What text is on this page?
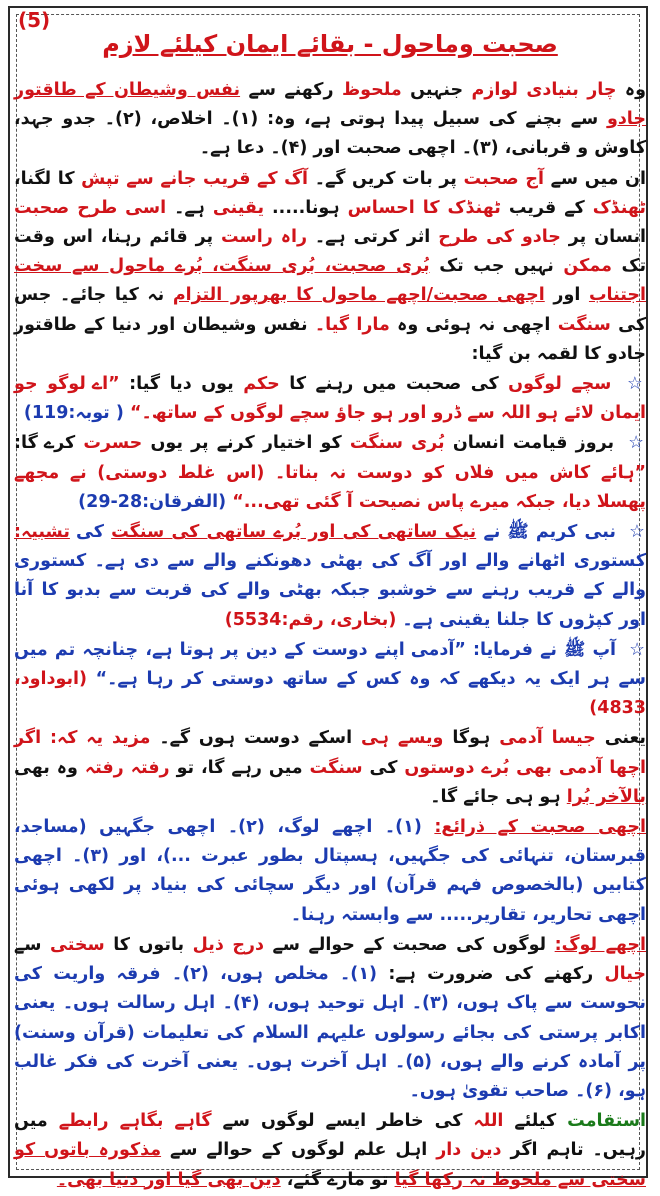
(5)
صحبت وماحول - بقائے ایمان کیلئے لازم

وہ چار بنیادی لوازم جنہیں ملحوظ رکھنے سے نفس وشیطان کے طاقتور جادو سے بچنے کی سبیل پیدا ہوتی ہے، وہ: (۱)۔ اخلاص، (۲)۔ جدو جہد، کاوش و قربانی، (۳)۔ اچھی صحبت اور (۴)۔ دعا ہے۔

ان میں سے آج صحبت پر بات کریں گے۔ آگ کے قریب جانے سے تپش کا لگنا، ٹھنڈک کے قریب ٹھنڈک کا احساس ہونا..... یقینی ہے۔ اسی طرح صحبت انسان پر جادو کی طرح اثر کرتی ہے۔ راہ راست پر قائم رہنا، اس وقت تک ممکن نہیں جب تک بُری صحبت، بُری سنگت، بُرے ماحول سے سخت اجتناب اور اچھی صحبت/اچھے ماحول کا بھرپور التزام نہ کیا جائے۔ جس کی سنگت اچھی نہ ہوئی وہ مارا گیا۔ نفس وشیطان اور دنیا کے طاقتور جادو کا لقمہ بن گیا:

☆ سچے لوگوں کی صحبت میں رہنے کا حکم یوں دیا گیا: ”اے لوگو جو ایمان لائے ہو اللہ سے ڈرو اور ہو جاؤ سچے لوگوں کے ساتھ۔“ ( توبہ:119)

☆ بروز قیامت انسان بُری سنگت کو اختیار کرنے پر یوں حسرت کرے گا: ”ہائے کاش میں فلاں کو دوست نہ بناتا۔ (اس غلط دوستی) نے مجھے پھسلا دیا، جبکہ میرے پاس نصیحت آ گئی تھی...“ (الفرقان:28-29)

☆ نبی کریم ﷺ نے نیک ساتھی کی اور بُرے ساتھی کی سنگت کی تشبیہ: کستوری اٹھانے والے اور آگ کی بھٹی دھونکنے والے سے دی ہے۔ کستوری والے کے قریب رہنے سے خوشبو جبکہ بھٹی والے کی قربت سے بدبو کا آنا اور کپڑوں کا جلنا یقینی ہے۔ (بخاری، رقم:5534)

☆ آپ ﷺ نے فرمایا: ”آدمی اپنے دوست کے دین پر ہوتا ہے، چنانچہ تم میں سے ہر ایک یہ دیکھے کہ وہ کس کے ساتھ دوستی کر رہا ہے۔“ (ابوداود، 4833)

یعنی جیسا آدمی ہوگا ویسے ہی اسکے دوست ہوں گے۔ مزید یہ کہ: اگر اچھا آدمی بھی بُرے دوستوں کی سنگت میں رہے گا، تو رفتہ رفتہ وہ بھی بالآخر بُرا ہو ہی جائے گا۔

اچھی صحبت کے ذرائع: (۱)۔ اچھے لوگ، (۲)۔ اچھی جگہیں (مساجد، قبرستان، تنہائی کی جگہیں، ہسپتال بطور عبرت ...)، اور (۳)۔ اچھی کتابیں (بالخصوص فہم قرآن) اور دیگر سچائی کی بنیاد پر لکھی ہوئی اچھی تحاریر، تقاریر..... سے وابستہ رہنا۔

اچھے لوگ: لوگوں کی صحبت کے حوالے سے درج ذیل باتوں کا سختی سے خیال رکھنے کی ضرورت ہے: (۱)۔ مخلص ہوں، (۲)۔ فرقہ واریت کی نحوست سے پاک ہوں، (۳)۔ اہل توحید ہوں، (۴)۔ اہل رسالت ہوں۔ یعنی اکابر پرستی کی بجائے رسولوں علیہم السلام کی تعلیمات (قرآن وسنت) پر آمادہ کرنے والے ہوں، (۵)۔ اہل آخرت ہوں۔ یعنی آخرت کی فکر غالب ہو، (۶)۔ صاحب تقویٰ ہوں۔

استقامت کیلئے اللہ کی خاطر ایسے لوگوں سے گاہے بگاہے رابطے میں رہیں۔ تاہم اگر دین دار اہل علم لوگوں کے حوالے سے مذکورہ باتوں کو سختی سے ملحوظ نہ رکھا گیا تو مارے گئے، دین بھی گیا اور دنیا بھی۔
